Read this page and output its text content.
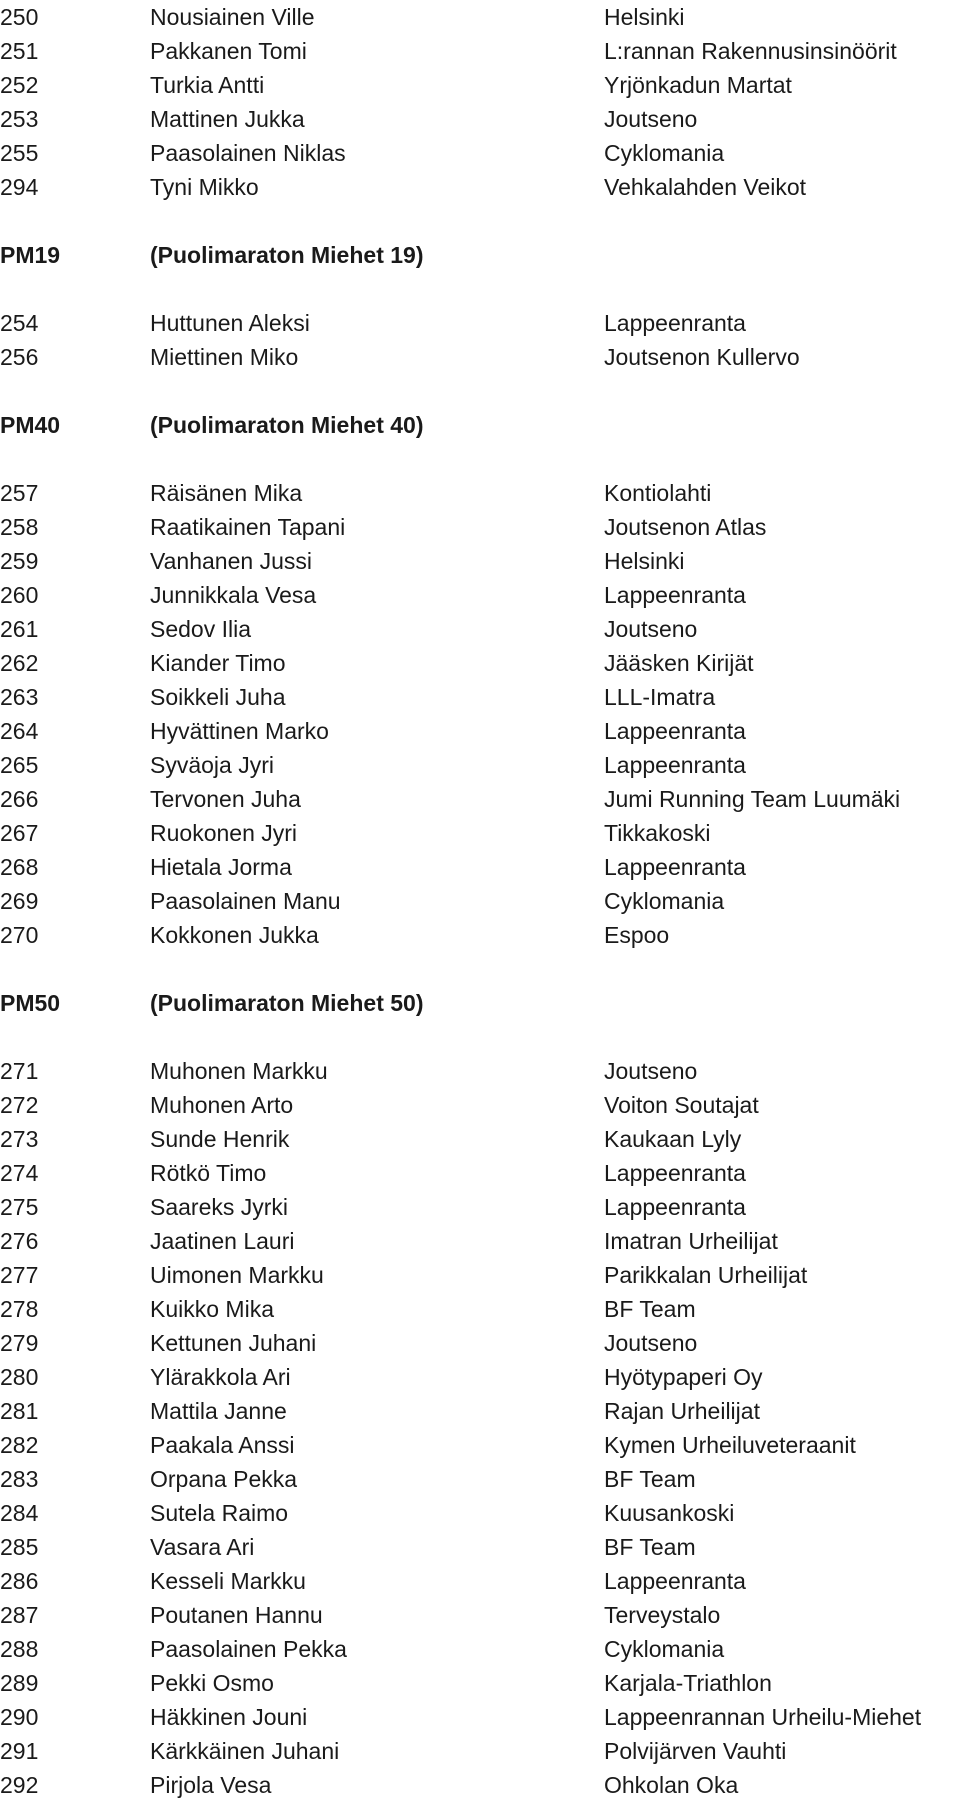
250	Nousiainen Ville	Helsinki
251	Pakkanen Tomi	L:rannan Rakennusinsinöörit
252	Turkia Antti	Yrjönkadun Martat
253	Mattinen Jukka	Joutseno
255	Paasolainen Niklas	Cyklomania
294	Tyni Mikko	Vehkalahden Veikot
PM19	(Puolimaraton Miehet 19)
254	Huttunen Aleksi	Lappeenranta
256	Miettinen Miko	Joutsenon Kullervo
PM40	(Puolimaraton Miehet 40)
257	Räisänen Mika	Kontiolahti
258	Raatikainen Tapani	Joutsenon Atlas
259	Vanhanen Jussi	Helsinki
260	Junnikkala Vesa	Lappeenranta
261	Sedov Ilia	Joutseno
262	Kiander Timo	Jääsken Kirijät
263	Soikkeli Juha	LLL-Imatra
264	Hyvättinen Marko	Lappeenranta
265	Syväoja Jyri	Lappeenranta
266	Tervonen Juha	Jumi Running Team Luumäki
267	Ruokonen Jyri	Tikkakoski
268	Hietala Jorma	Lappeenranta
269	Paasolainen Manu	Cyklomania
270	Kokkonen Jukka	Espoo
PM50	(Puolimaraton Miehet 50)
271	Muhonen Markku	Joutseno
272	Muhonen Arto	Voiton Soutajat
273	Sunde Henrik	Kaukaan Lyly
274	Rötkö Timo	Lappeenranta
275	Saareks Jyrki	Lappeenranta
276	Jaatinen Lauri	Imatran Urheilijat
277	Uimonen Markku	Parikkalan Urheilijat
278	Kuikko Mika	BF Team
279	Kettunen Juhani	Joutseno
280	Ylärakkola Ari	Hyötypaperi Oy
281	Mattila Janne	Rajan Urheilijat
282	Paakala Anssi	Kymen Urheiluveteraanit
283	Orpana Pekka	BF Team
284	Sutela Raimo	Kuusankoski
285	Vasara Ari	BF Team
286	Kesseli Markku	Lappeenranta
287	Poutanen Hannu	Terveystalo
288	Paasolainen Pekka	Cyklomania
289	Pekki Osmo	Karjala-Triathlon
290	Häkkinen Jouni	Lappeenrannan Urheilu-Miehet
291	Kärkkäinen Juhani	Polvijärven Vauhti
292	Pirjola Vesa	Ohkolan Oka
